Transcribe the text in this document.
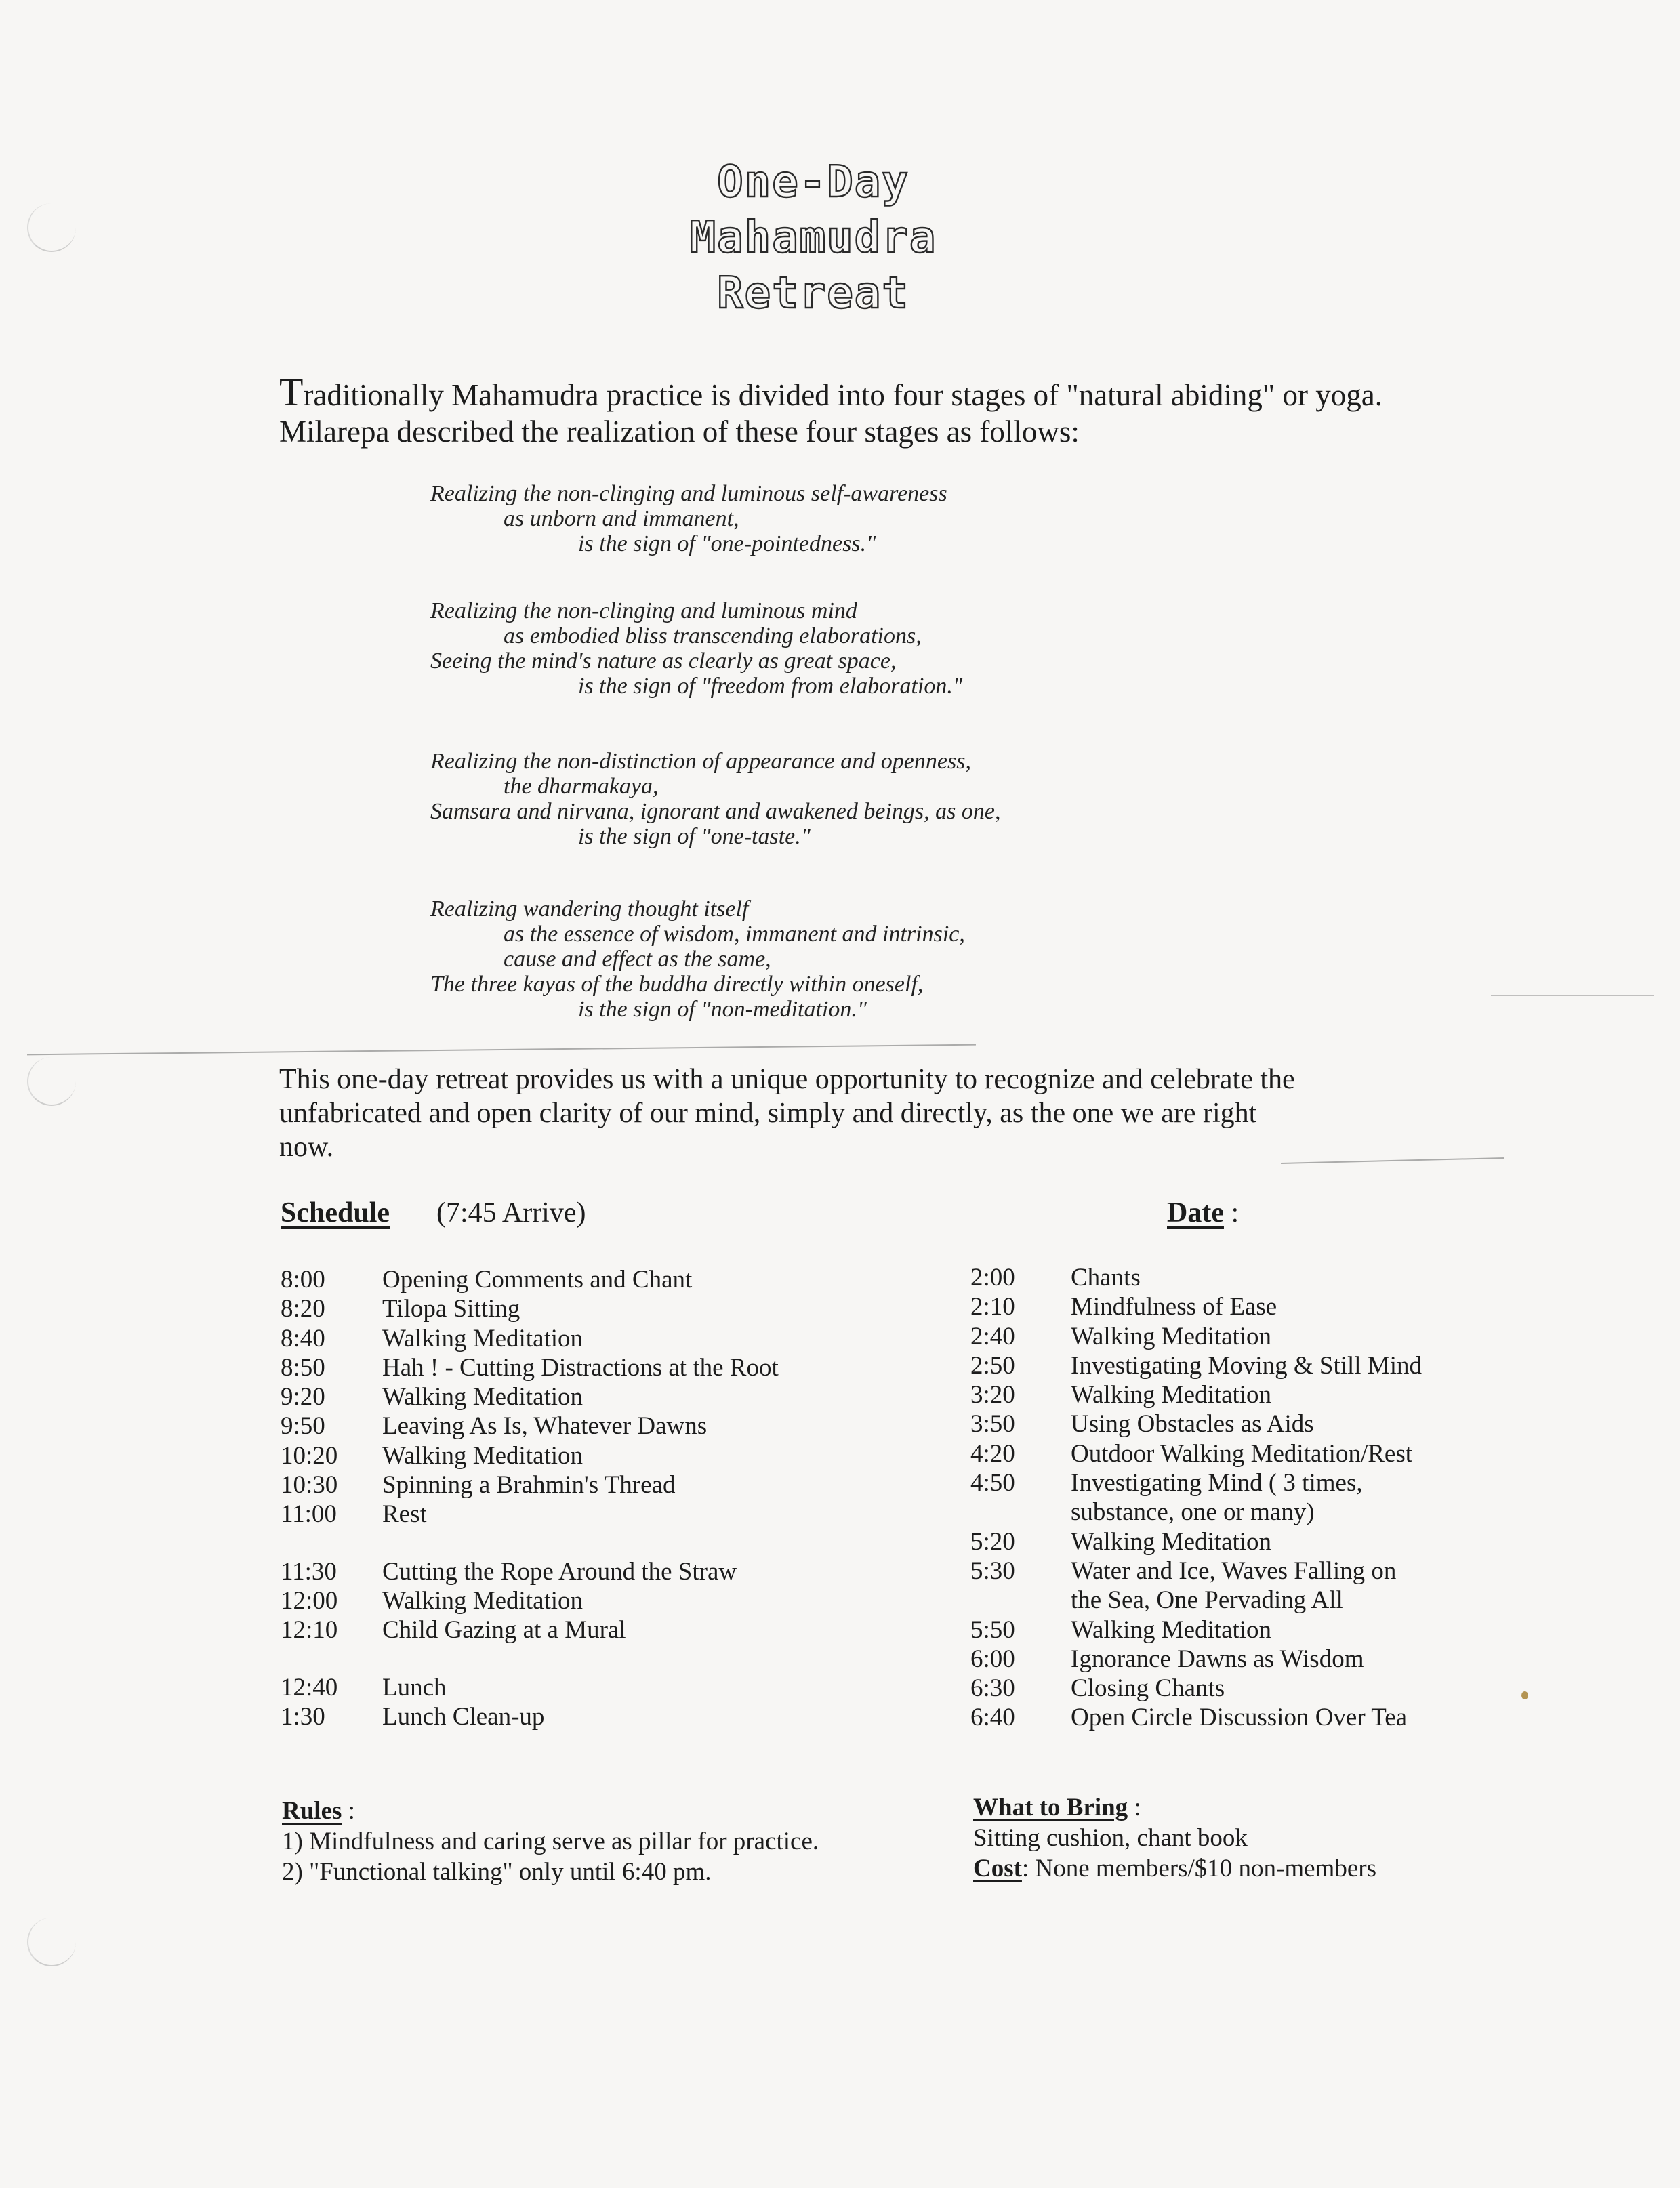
One-Day
Mahamudra
Retreat
Traditionally Mahamudra practice is divided into four stages of "natural abiding" or yoga.
Milarepa described the realization of these four stages as follows:
Realizing the non-clinging and luminous self-awareness
as unborn and immanent,
is the sign of "one-pointedness."
Realizing the non-clinging and luminous mind
as embodied bliss transcending elaborations,
Seeing the mind's nature as clearly as great space,
is the sign of "freedom from elaboration."
Realizing the non-distinction of appearance and openness,
the dharmakaya,
Samsara and nirvana, ignorant and awakened beings, as one,
is the sign of "one-taste."
Realizing wandering thought itself
as the essence of wisdom, immanent and intrinsic,
cause and effect as the same,
The three kayas of the buddha directly within oneself,
is the sign of "non-meditation."
This one-day retreat provides us with a unique opportunity to recognize and celebrate the
unfabricated and open clarity of our mind, simply and directly, as the one we are right
now.
Schedule (7:45 Arrive)	Date :
8:00	Opening Comments and Chant
8:20	Tilopa Sitting
8:40	Walking Meditation
8:50	Hah ! - Cutting Distractions at the Root
9:20	Walking Meditation
9:50	Leaving As Is, Whatever Dawns
10:20	Walking Meditation
10:30	Spinning a Brahmin's Thread
11:00	Rest
11:30	Cutting the Rope Around the Straw
12:00	Walking Meditation
12:10	Child Gazing at a Mural
12:40	Lunch
1:30	Lunch Clean-up
2:00	Chants
2:10	Mindfulness of Ease
2:40	Walking Meditation
2:50	Investigating Moving & Still Mind
3:20	Walking Meditation
3:50	Using Obstacles as Aids
4:20	Outdoor Walking Meditation/Rest
4:50	Investigating Mind ( 3 times,
substance, one or many)
5:20	Walking Meditation
5:30	Water and Ice, Waves Falling on
the Sea, One Pervading All
5:50	Walking Meditation
6:00	Ignorance Dawns as Wisdom
6:30	Closing Chants
6:40	Open Circle Discussion Over Tea
Rules :
1) Mindfulness and caring serve as pillar for practice.
2) "Functional talking" only until 6:40 pm.
What to Bring :
Sitting cushion, chant book
Cost: None members/$10 non-members
